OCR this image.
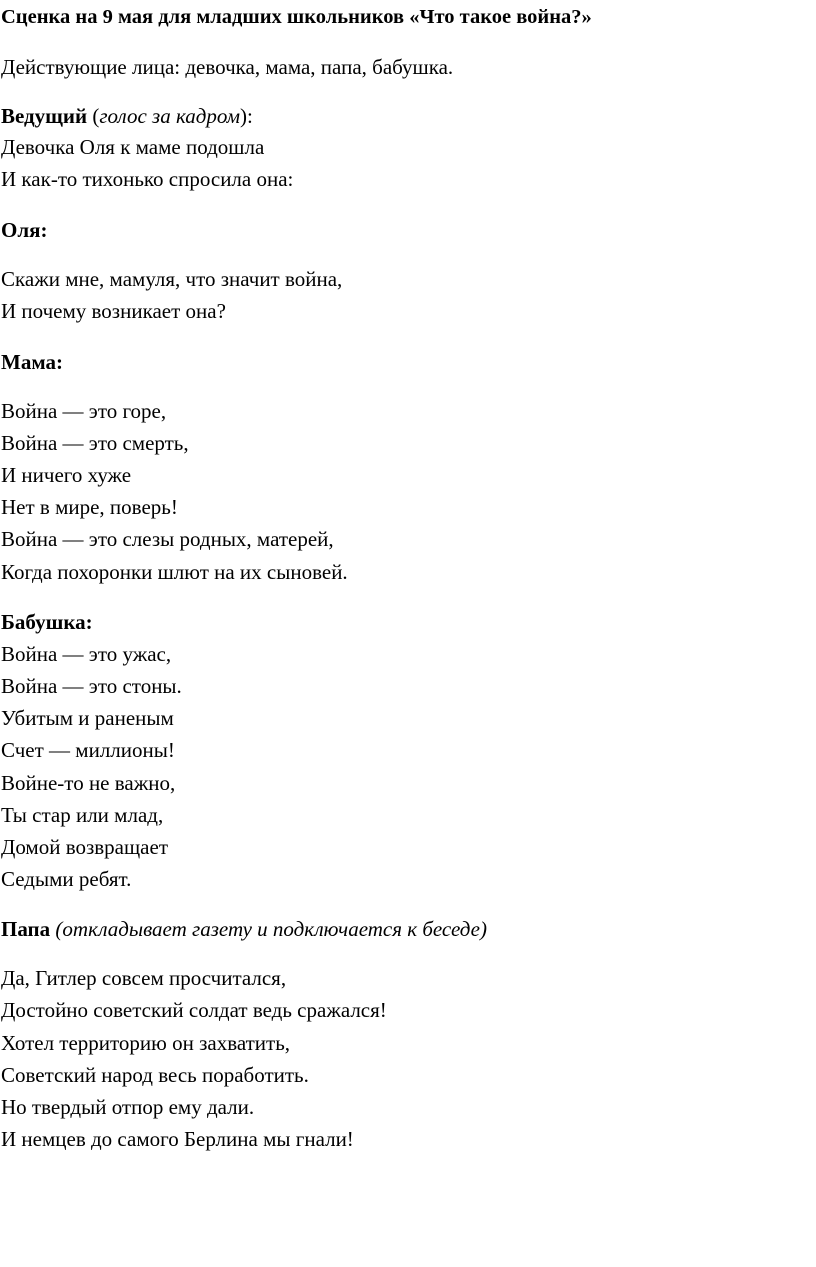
Сценка на 9 мая для младших школьников «Что такое война?»
Действующие лица: девочка, мама, папа, бабушка.
Ведущий (голос за кадром):
Девочка Оля к маме подошла
И как-то тихонько спросила она:
Оля:
Скажи мне, мамуля, что значит война,
И почему возникает она?
Мама:
Война — это горе,
Война — это смерть,
И ничего хуже
Нет в мире, поверь!
Война — это слезы родных, матерей,
Когда похоронки шлют на их сыновей.
Бабушка:
Война — это ужас,
Война — это стоны.
Убитым и раненым
Счет — миллионы!
Войне-то не важно,
Ты стар или млад,
Домой возвращает
Седыми ребят.
Папа (откладывает газету и подключается к беседе)
Да, Гитлер совсем просчитался,
Достойно советский солдат ведь сражался!
Хотел территорию он захватить,
Советский народ весь поработить.
Но твердый отпор ему дали.
И немцев до самого Берлина мы гнали!
